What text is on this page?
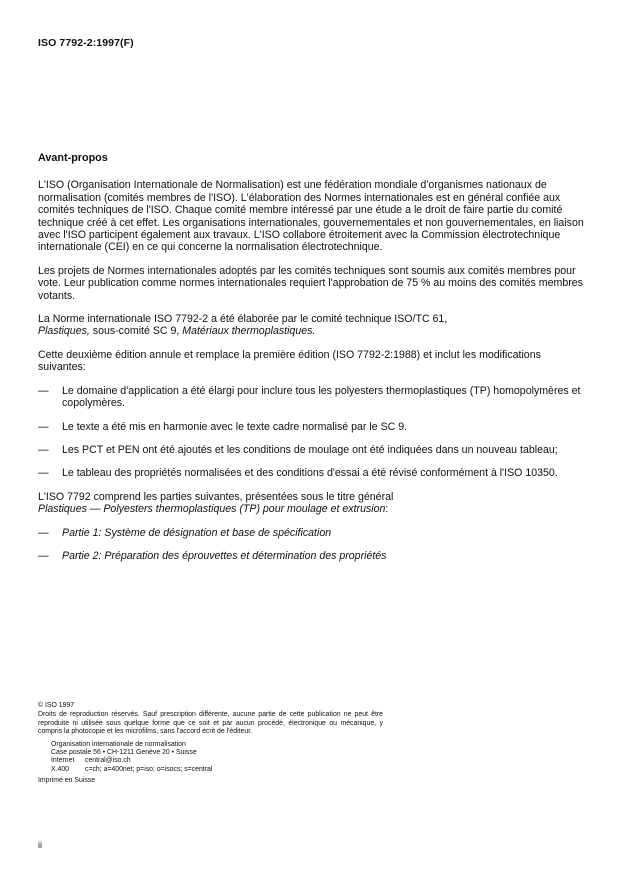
ISO 7792-2:1997(F)
Avant-propos

L'ISO (Organisation Internationale de Normalisation) est une fédération mondiale d'organismes nationaux de normalisation (comités membres de l'ISO). L'élaboration des Normes internationales est en général confiée aux comités techniques de l'ISO. Chaque comité membre intéressé par une étude a le droit de faire partie du comité technique créé à cet effet. Les organisations internationales, gouvernementales et non gouvernementales, en liaison avec l'ISO participent également aux travaux. L'ISO collabore étroitement avec la Commission électrotechnique internationale (CEI) en ce qui concerne la normalisation électrotechnique.

Les projets de Normes internationales adoptés par les comités techniques sont soumis aux comités membres pour vote. Leur publication comme normes internationales requiert l'approbation de 75 % au moins des comités membres votants.

La Norme internationale ISO 7792-2 a été élaborée par le comité technique ISO/TC 61,
Plastiques, sous-comité SC 9, Matériaux thermoplastiques.

Cette deuxième édition annule et remplace la première édition (ISO 7792-2:1988) et inclut les modifications suivantes:

—	Le domaine d'application a été élargi pour inclure tous les polyesters thermoplastiques (TP) homopolymères et copolymères.
—	Le texte a été mis en harmonie avec le texte cadre normalisé par le SC 9.
—	Les PCT et PEN ont été ajoutés et les conditions de moulage ont été indiquées dans un nouveau tableau;
—	Le tableau des propriétés normalisées et des conditions d'essai a été révisé conformément à l'ISO 10350.

L'ISO 7792 comprend les parties suivantes, présentées sous le titre général
Plastiques — Polyesters thermoplastiques (TP) pour moulage et extrusion:

—	Partie 1: Système de désignation et base de spécification
—	Partie 2: Préparation des éprouvettes et détermination des propriétés

© ISO 1997

Droits de reproduction réservés. Sauf prescription différente, aucune partie de cette publication ne peut être reproduite ni utilisée sous quelque forme que ce soit et par aucun procédé, électronique ou mécanique, y compris la photocopie et les microfilms, sans l'accord écrit de l'éditeur.

Organisation internationale de normalisation
Case postale 56 • CH-1211 Genève 20 • Suisse
Internet	central@iso.ch
X.400	c=ch; a=400net; p=iso; o=isocs; s=central

Imprimé en Suisse

ii
